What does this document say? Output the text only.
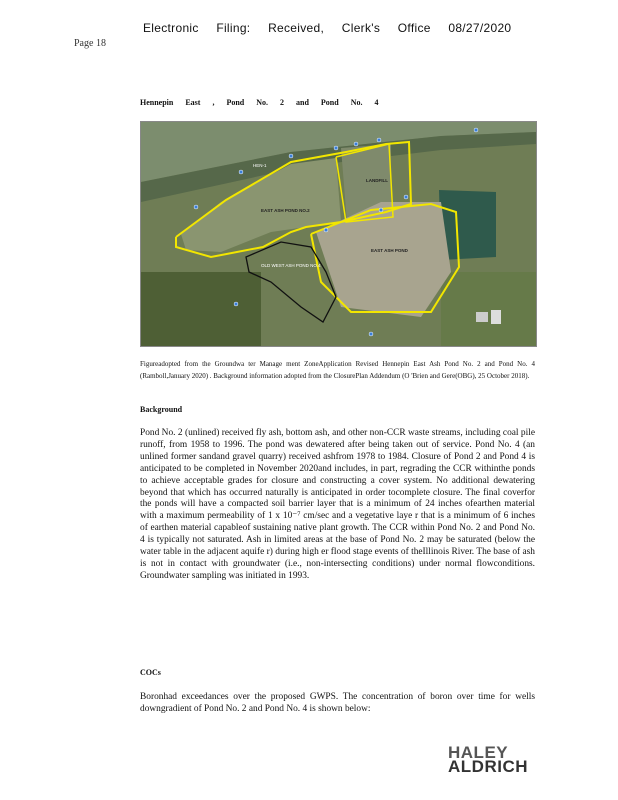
Electronic Filing: Received, Clerk's Office 08/27/2020
Page 18
Hennepin East , Pond No. 2 and Pond No. 4
LANDFILL
EAST ASH POND NO.2
EAST ASH POND
OLD WEST ASH POND NO.4
HEN-1
Figureadopted from the Groundwa ter Manage ment ZoneApplication Revised Hennepin East Ash Pond No. 2 and Pond No. 4 (Ramboll,January 2020) . Background information adopted from the ClosurePlan Addendum (O 'Brien and Gere(OBG), 25 October 2018).
Background
Pond No. 2 (unlined) received fly ash, bottom ash, and other non-CCR waste streams, including coal pile runoff, from 1958 to 1996. The pond was dewatered after being taken out of service. Pond No. 4 (an unlined former sandand gravel quarry) received ashfrom 1978 to 1984. Closure of Pond 2 and Pond 4 is anticipated to be completed in November 2020and includes, in part, regrading the CCR withinthe ponds to achieve acceptable grades for closure and constructing a cover system. No additional dewatering beyond that which has occurred naturally is anticipated in order tocomplete closure. The final coverfor the ponds will have a compacted soil barrier layer that is a minimum of 24 inches ofearthen material with a maximum permeability of 1 x 10⁻⁷ cm/sec and a vegetative laye r that is a minimum of 6 inches of earthen material capableof sustaining native plant growth. The CCR within Pond No. 2 and Pond No. 4 is typically not saturated. Ash in limited areas at the base of Pond No. 2 may be saturated (below the water table in the adjacent aquife r) during high er flood stage events of theIllinois River. The base of ash is not in contact with groundwater (i.e., non-intersecting conditions) under normal flowconditions. Groundwater sampling was initiated in 1993.
COCs
Boronhad exceedances over the proposed GWPS. The concentration of boron over time for wells downgradient of Pond No. 2 and Pond No. 4 is shown below:
HALEY
ALDRICH
